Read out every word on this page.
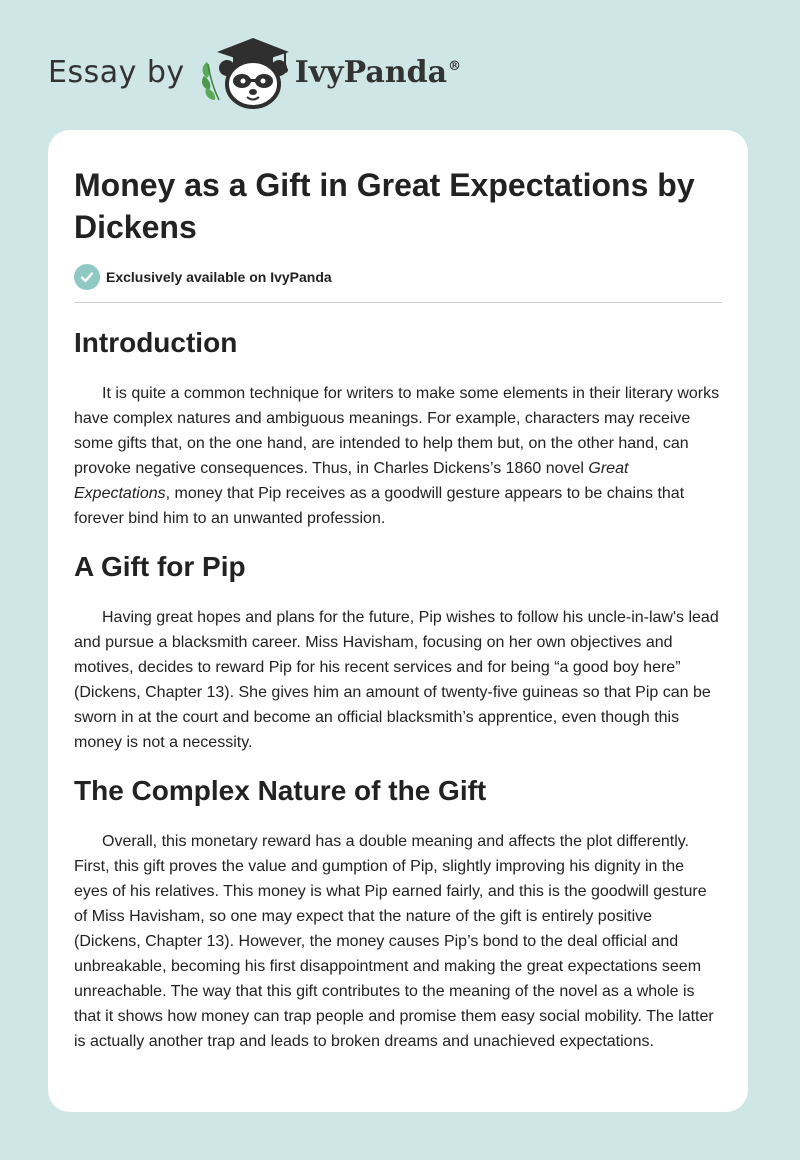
Essay by	IvyPanda®
Money as a Gift in Great Expectations by Dickens
Exclusively available on IvyPanda
Introduction

It is quite a common technique for writers to make some elements in their literary works have complex natures and ambiguous meanings. For example, characters may receive some gifts that, on the one hand, are intended to help them but, on the other hand, can provoke negative consequences. Thus, in Charles Dickens’s 1860 novel Great Expectations, money that Pip receives as a goodwill gesture appears to be chains that forever bind him to an unwanted profession.

A Gift for Pip

Having great hopes and plans for the future, Pip wishes to follow his uncle-in-law's lead and pursue a blacksmith career. Miss Havisham, focusing on her own objectives and motives, decides to reward Pip for his recent services and for being “a good boy here” (Dickens, Chapter 13). She gives him an amount of twenty-five guineas so that Pip can be sworn in at the court and become an official blacksmith’s apprentice, even though this money is not a necessity.

The Complex Nature of the Gift

Overall, this monetary reward has a double meaning and affects the plot differently. First, this gift proves the value and gumption of Pip, slightly improving his dignity in the eyes of his relatives. This money is what Pip earned fairly, and this is the goodwill gesture of Miss Havisham, so one may expect that the nature of the gift is entirely positive (Dickens, Chapter 13). However, the money causes Pip’s bond to the deal official and unbreakable, becoming his first disappointment and making the great expectations seem unreachable. The way that this gift contributes to the meaning of the novel as a whole is that it shows how money can trap people and promise them easy social mobility. The latter is actually another trap and leads to broken dreams and unachieved expectations.
